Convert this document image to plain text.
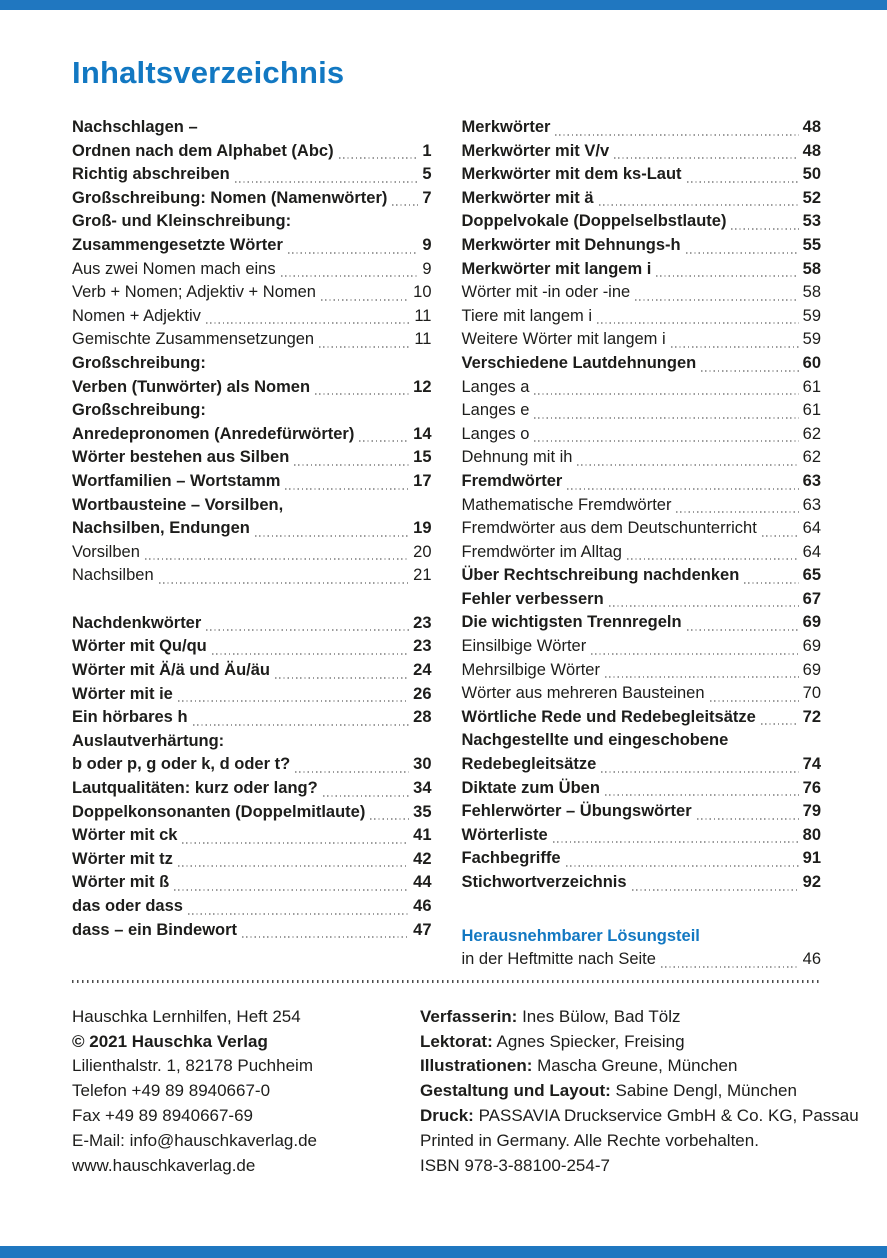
Inhaltsverzeichnis
Nachschlagen –
Ordnen nach dem Alphabet (Abc)	1
Richtig abschreiben	5
Großschreibung: Nomen (Namenwörter) 7
Groß- und Kleinschreibung:
Zusammengesetzte Wörter	9
Aus zwei Nomen mach eins	9
Verb + Nomen; Adjektiv + Nomen	10
Nomen + Adjektiv	11
Gemischte Zusammensetzungen	11
Großschreibung:
Verben (Tunwörter) als Nomen	12
Großschreibung:
Anredepronomen (Anredefürwörter)	14
Wörter bestehen aus Silben	15
Wortfamilien – Wortstamm	17
Wortbausteine – Vorsilben,
Nachsilben, Endungen	19
Vorsilben	20
Nachsilben	21
Nachdenkwörter	23
Wörter mit Qu/qu	23
Wörter mit Ä/ä und Äu/äu	24
Wörter mit ie	26
Ein hörbares h	28
Auslautverhärtung:
b oder p, g oder k, d oder t?	30
Lautqualitäten: kurz oder lang?	34
Doppelkonsonanten (Doppelmitlaute)	35
Wörter mit ck	41
Wörter mit tz	42
Wörter mit ß	44
das oder dass	46
dass – ein Bindewort	47
Merkwörter	48
Merkwörter mit V/v	48
Merkwörter mit dem ks-Laut	50
Merkwörter mit ä	52
Doppelvokale (Doppelselbstlaute)	53
Merkwörter mit Dehnungs-h	55
Merkwörter mit langem i	58
Wörter mit -in oder -ine	58
Tiere mit langem i	59
Weitere Wörter mit langem i	59
Verschiedene Lautdehnungen	60
Langes a	61
Langes e	61
Langes o	62
Dehnung mit ih	62
Fremdwörter	63
Mathematische Fremdwörter	63
Fremdwörter aus dem Deutschunterricht	64
Fremdwörter im Alltag	64
Über Rechtschreibung nachdenken	65
Fehler verbessern	67
Die wichtigsten Trennregeln	69
Einsilbige Wörter	69
Mehrsilbige Wörter	69
Wörter aus mehreren Bausteinen	70
Wörtliche Rede und Redebegleitsätze	72
Nachgestellte und eingeschobene
Redebegleitsätze	74
Diktate zum Üben	76
Fehlerwörter – Übungswörter	79
Wörterliste	80
Fachbegriffe	91
Stichwortverzeichnis	92
Herausnehmbarer Lösungsteil
in der Heftmitte nach Seite	46
Hauschka Lernhilfen, Heft 254
© 2021 Hauschka Verlag
Lilienthalstr. 1, 82178 Puchheim
Telefon +49 89 8940667-0
Fax +49 89 8940667-69
E-Mail: info@hauschkaverlag.de
www.hauschkaverlag.de
Verfasserin: Ines Bülow, Bad Tölz
Lektorat: Agnes Spiecker, Freising
Illustrationen: Mascha Greune, München
Gestaltung und Layout: Sabine Dengl, München
Druck: PASSAVIA Druckservice GmbH & Co. KG, Passau
Printed in Germany. Alle Rechte vorbehalten.
ISBN 978-3-88100-254-7
